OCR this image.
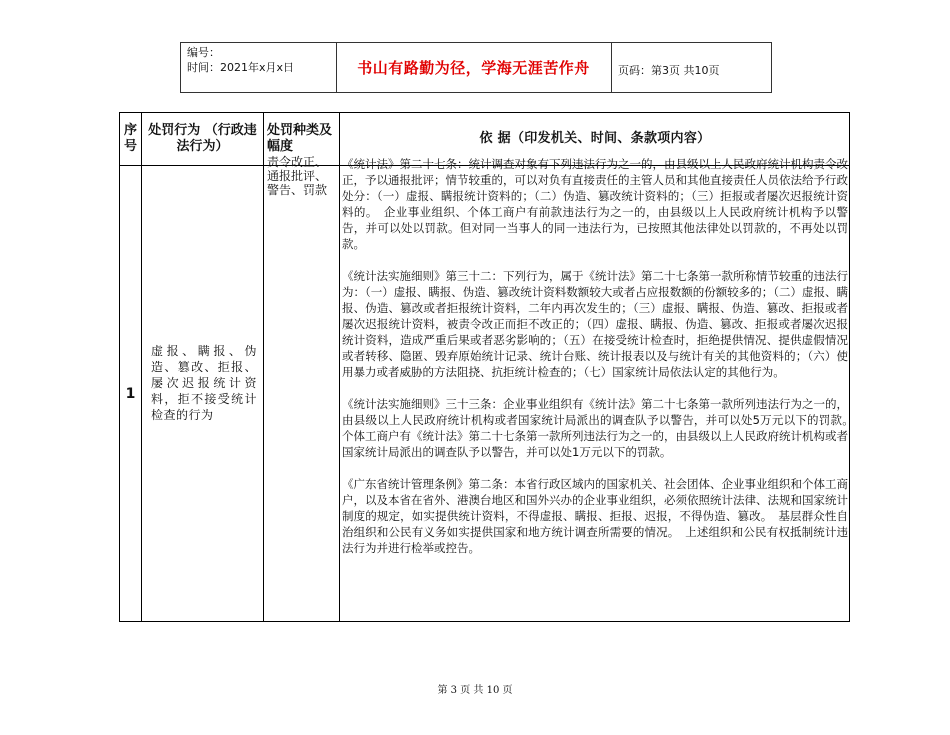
编号：
时间：2021年x月x日	书山有路勤为径，学海无涯苦作舟	页码：第3页 共10页
序号
处罚行为 （行政违法行为）
处罚种类及幅度
依 据（印发机关、时间、条款项内容）
1
虚报、瞒报、伪造、篡改、拒报、屡次迟报统计资料，拒不接受统计检查的行为
责令改正、通报批评、警告、罚款

《统计法》第二十七条：统计调查对象有下列违法行为之一的，由县级以上人民政府统计机构责令改正，予以通报批评；情节较重的，可以对负有直接责任的主管人员和其他直接责任人员依法给予行政处分：（一）虚报、瞒报统计资料的；（二）伪造、篡改统计资料的；（三）拒报或者屡次迟报统计资料的。　企业事业组织、个体工商户有前款违法行为之一的，由县级以上人民政府统计机构予以警告，并可以处以罚款。但对同一当事人的同一违法行为，已按照其他法律处以罚款的，不再处以罚款。

《统计法实施细则》第三十二：下列行为，属于《统计法》第二十七条第一款所称情节较重的违法行为：（一）虚报、瞒报、伪造、篡改统计资料数额较大或者占应报数额的份额较多的；（二）虚报、瞒报、伪造、篡改或者拒报统计资料，二年内再次发生的；（三）虚报、瞒报、伪造、篡改、拒报或者屡次迟报统计资料，被责令改正而拒不改正的；（四）虚报、瞒报、伪造、篡改、拒报或者屡次迟报统计资料，造成严重后果或者恶劣影响的；（五）在接受统计检查时，拒绝提供情况、提供虚假情况或者转移、隐匿、毁弃原始统计记录、统计台账、统计报表以及与统计有关的其他资料的；（六）使用暴力或者威胁的方法阻挠、抗拒统计检查的；（七）国家统计局依法认定的其他行为。

《统计法实施细则》三十三条：企业事业组织有《统计法》第二十七条第一款所列违法行为之一的，由县级以上人民政府统计机构或者国家统计局派出的调查队予以警告，并可以处5万元以下的罚款。　个体工商户有《统计法》第二十七条第一款所列违法行为之一的，由县级以上人民政府统计机构或者国家统计局派出的调查队予以警告，并可以处1万元以下的罚款。

《广东省统计管理条例》第二条：本省行政区域内的国家机关、社会团体、企业事业组织和个体工商户，以及本省在省外、港澳台地区和国外兴办的企业事业组织，必须依照统计法律、法规和国家统计制度的规定，如实提供统计资料，不得虚报、瞒报、拒报、迟报，不得伪造、篡改。　基层群众性自治组织和公民有义务如实提供国家和地方统计调查所需要的情况。　上述组织和公民有权抵制统计违法行为并进行检举或控告。

第 3 页 共 10 页
